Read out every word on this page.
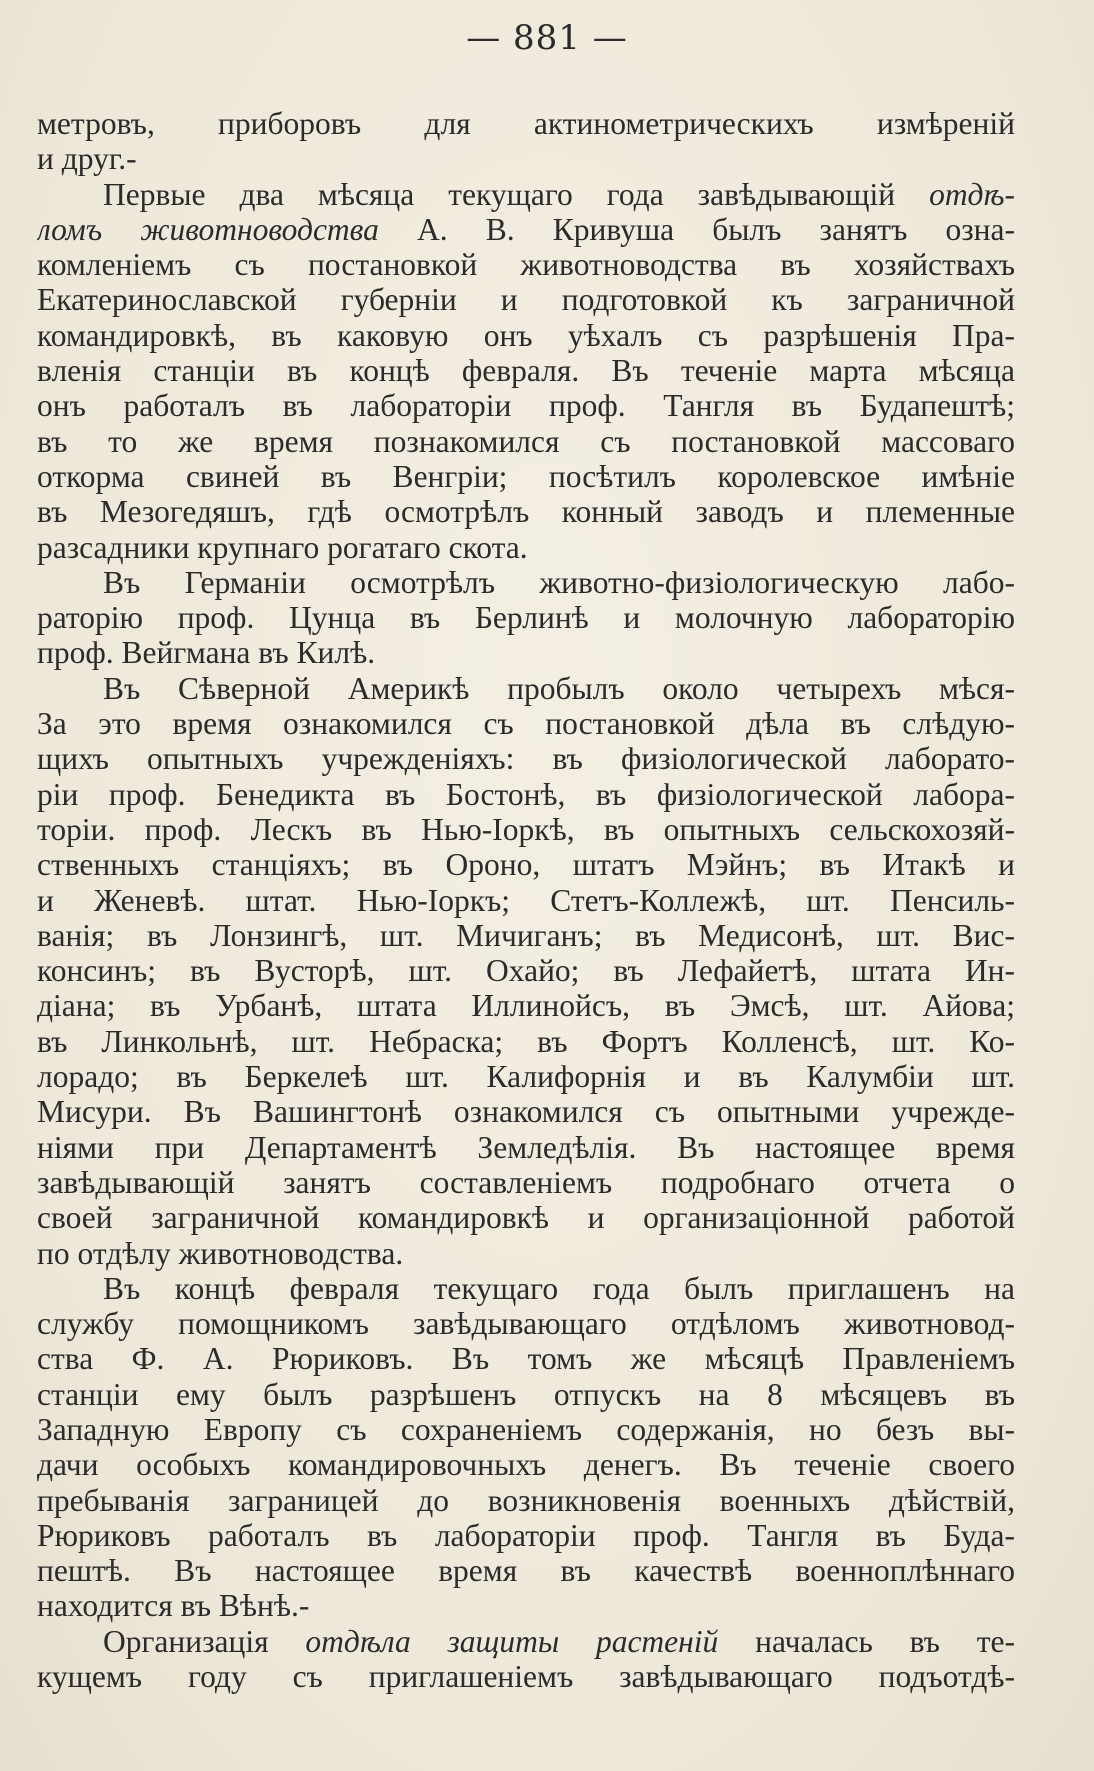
— 881 —
метровъ, приборовъ для актинометрическихъ измѣреній
и друг.-
Первые два мѣсяца текущаго года завѣдывающій отдѣ-
ломъ животноводства А. В. Кривуша былъ занятъ озна-
комленіемъ съ постановкой животноводства въ хозяйствахъ
Екатеринославской губерніи и подготовкой къ заграничной
командировкѣ, въ каковую онъ уѣхалъ съ разрѣшенія Пра-
вленія станціи въ концѣ февраля. Въ теченіе марта мѣсяца
онъ работалъ въ лабораторіи проф. Тангля въ Будапештѣ;
въ то же время познакомился съ постановкой массоваго
откорма свиней въ Венгріи; посѣтилъ королевское имѣніе
въ Мезогедяшъ, гдѣ осмотрѣлъ конный заводъ и племенные
разсадники крупнаго рогатаго скота.
Въ Германіи осмотрѣлъ животно-физіологическую лабо-
раторію проф. Цунца въ Берлинѣ и молочную лабораторію
проф. Вейгмана въ Килѣ.
Въ Сѣверной Америкѣ пробылъ около четырехъ мѣся-
За это время ознакомился съ постановкой дѣла въ слѣдую-
щихъ опытныхъ учрежденіяхъ: въ физіологической лаборато-
ріи проф. Бенедикта въ Бостонѣ, въ физіологической лабора-
торіи. проф. Лескъ въ Нью-Іоркѣ, въ опытныхъ сельскохозяй-
ственныхъ станціяхъ; въ Ороно, штатъ Мэйнъ; въ Итакѣ и
и Женевѣ. штат. Нью-Іоркъ; Стетъ-Коллежѣ, шт. Пенсиль-
ванія; въ Лонзингѣ, шт. Мичиганъ; въ Медисонѣ, шт. Вис-
консинъ; въ Вусторѣ, шт. Охайо; въ Лефайетѣ, штата Ин-
діана; въ Урбанѣ, штата Иллинойсъ, въ Эмсѣ, шт. Айова;
въ Линкольнѣ, шт. Небраска; въ Фортъ Колленсѣ, шт. Ко-
лорадо; въ Беркелеѣ шт. Калифорнія и въ Калумбіи шт.
Мисури. Въ Вашингтонѣ ознакомился съ опытными учрежде-
ніями при Департаментѣ Земледѣлія. Въ настоящее время
завѣдывающій занятъ составленіемъ подробнаго отчета о
своей заграничной командировкѣ и организаціонной работой
по отдѣлу животноводства.
Въ концѣ февраля текущаго года былъ приглашенъ на
службу помощникомъ завѣдывающаго отдѣломъ животновод-
ства Ф. А. Рюриковъ. Въ томъ же мѣсяцѣ Правленіемъ
станціи ему былъ разрѣшенъ отпускъ на 8 мѣсяцевъ въ
Западную Европу съ сохраненіемъ содержанія, но безъ вы-
дачи особыхъ командировочныхъ денегъ. Въ теченіе своего
пребыванія заграницей до возникновенія военныхъ дѣйствій,
Рюриковъ работалъ въ лабораторіи проф. Тангля въ Буда-
пештѣ. Въ настоящее время въ качествѣ военноплѣннаго
находится въ Вѣнѣ.-
Организація отдѣла защиты растеній началась въ те-
кущемъ году съ приглашеніемъ завѣдывающаго подъотдѣ-
